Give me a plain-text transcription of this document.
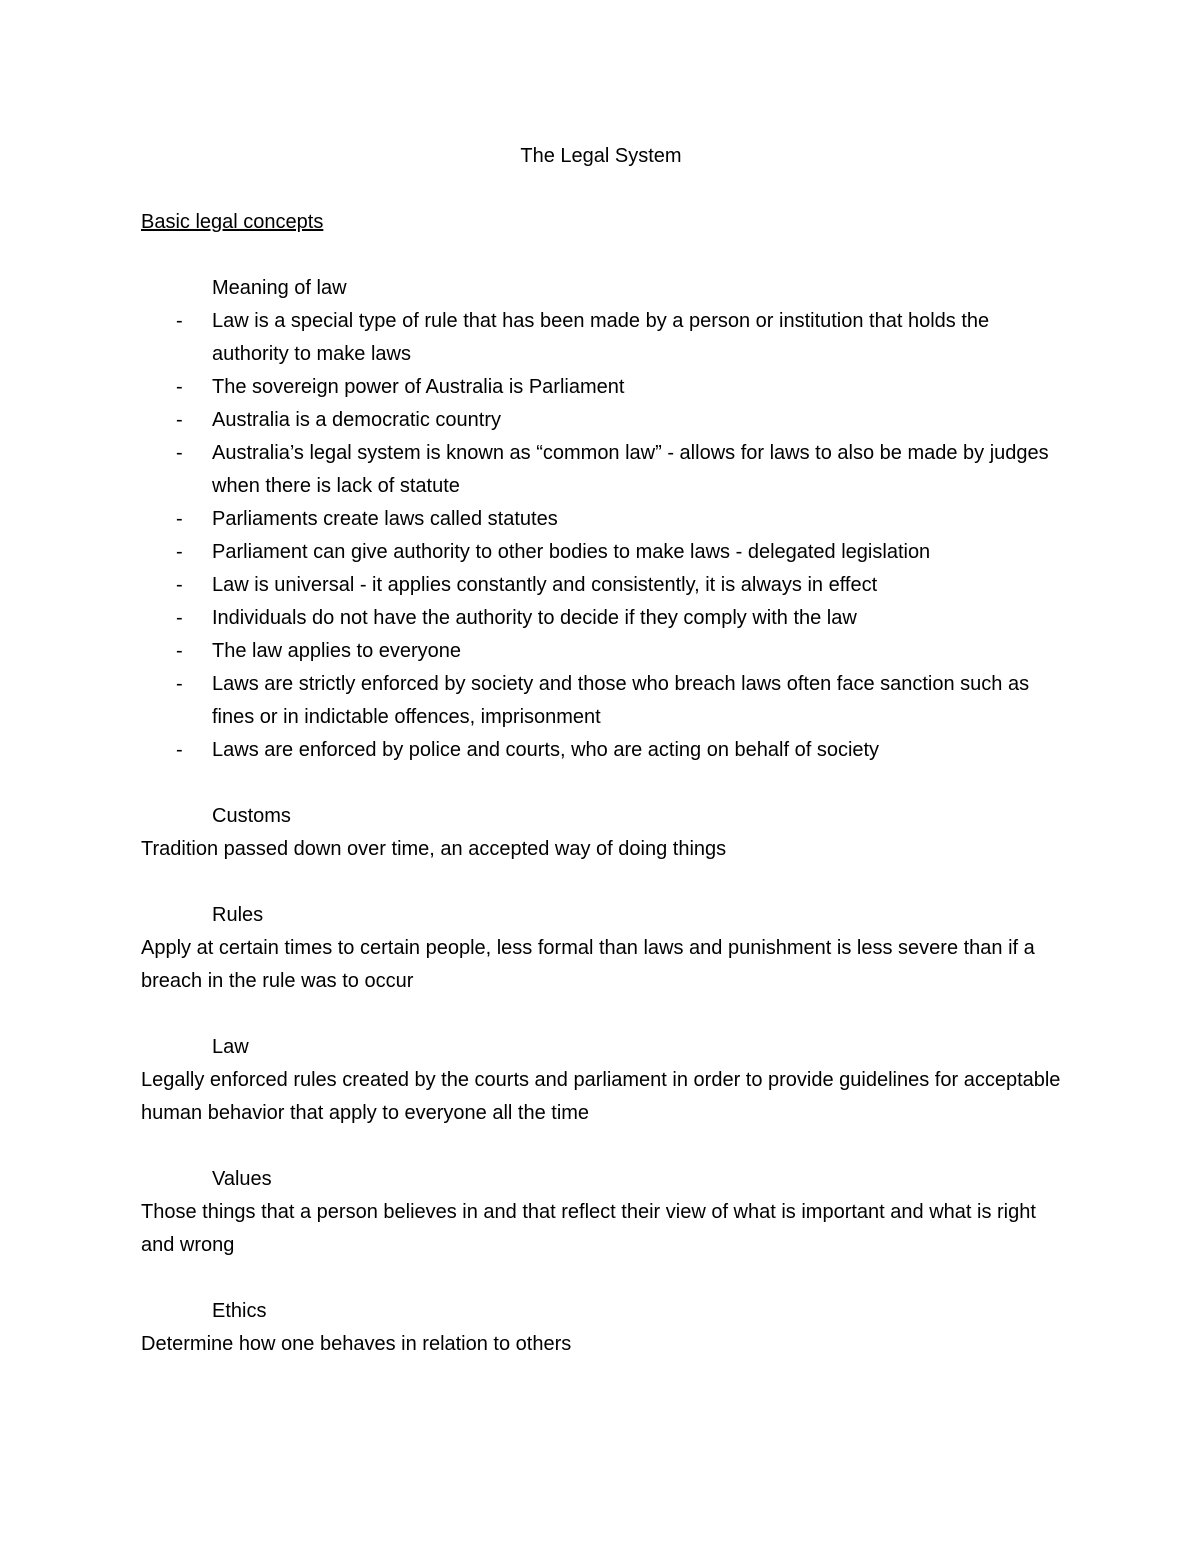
The Legal System

Basic legal concepts

Meaning of law

- Law is a special type of rule that has been made by a person or institution that holds the authority to make laws
- The sovereign power of Australia is Parliament
- Australia is a democratic country
- Australia’s legal system is known as “common law” - allows for laws to also be made by judges when there is lack of statute
- Parliaments create laws called statutes
- Parliament can give authority to other bodies to make laws - delegated legislation
- Law is universal - it applies constantly and consistently, it is always in effect
- Individuals do not have the authority to decide if they comply with the law
- The law applies to everyone
- Laws are strictly enforced by society and those who breach laws often face sanction such as fines or in indictable offences, imprisonment
- Laws are enforced by police and courts, who are acting on behalf of society

Customs

Tradition passed down over time, an accepted way of doing things

Rules

Apply at certain times to certain people, less formal than laws and punishment is less severe than if a breach in the rule was to occur

Law

Legally enforced rules created by the courts and parliament in order to provide guidelines for acceptable human behavior that apply to everyone all the time

Values

Those things that a person believes in and that reflect their view of what is important and what is right and wrong

Ethics

Determine how one behaves in relation to others
